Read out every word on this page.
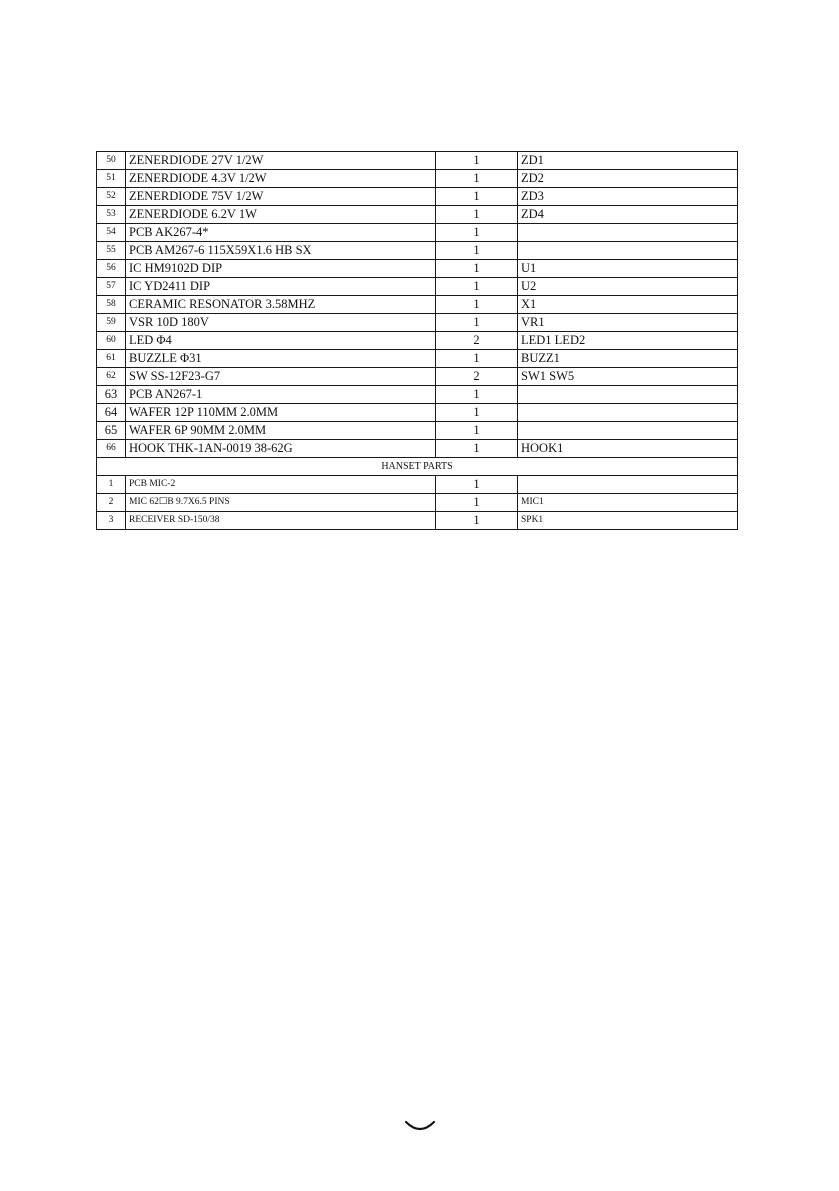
50	ZENERDIODE 27V 1/2W	1	ZD1
51	ZENERDIODE 4.3V 1/2W	1	ZD2
52	ZENERDIODE 75V 1/2W	1	ZD3
53	ZENERDIODE 6.2V 1W	1	ZD4
54	PCB AK267-4*	1	
55	PCB AM267-6 115X59X1.6 HB SX	1	
56	IC HM9102D DIP	1	U1
57	IC YD2411 DIP	1	U2
58	CERAMIC RESONATOR 3.58MHZ	1	X1
59	VSR 10D 180V	1	VR1
60	LED Φ4	2	LED1 LED2
61	BUZZLE Φ31	1	BUZZ1
62	SW SS-12F23-G7	2	SW1 SW5
63	PCB AN267-1	1	
64	WAFER 12P 110MM 2.0MM	1	
65	WAFER 6P 90MM 2.0MM	1	
66	HOOK THK-1AN-0019 38-62G	1	HOOK1
HANSET PARTS			
1	PCB MIC-2	1	
2	MIC 62☐B 9.7X6.5 PINS	1	MIC1
3	RECEIVER SD-150/38	1	SPK1
